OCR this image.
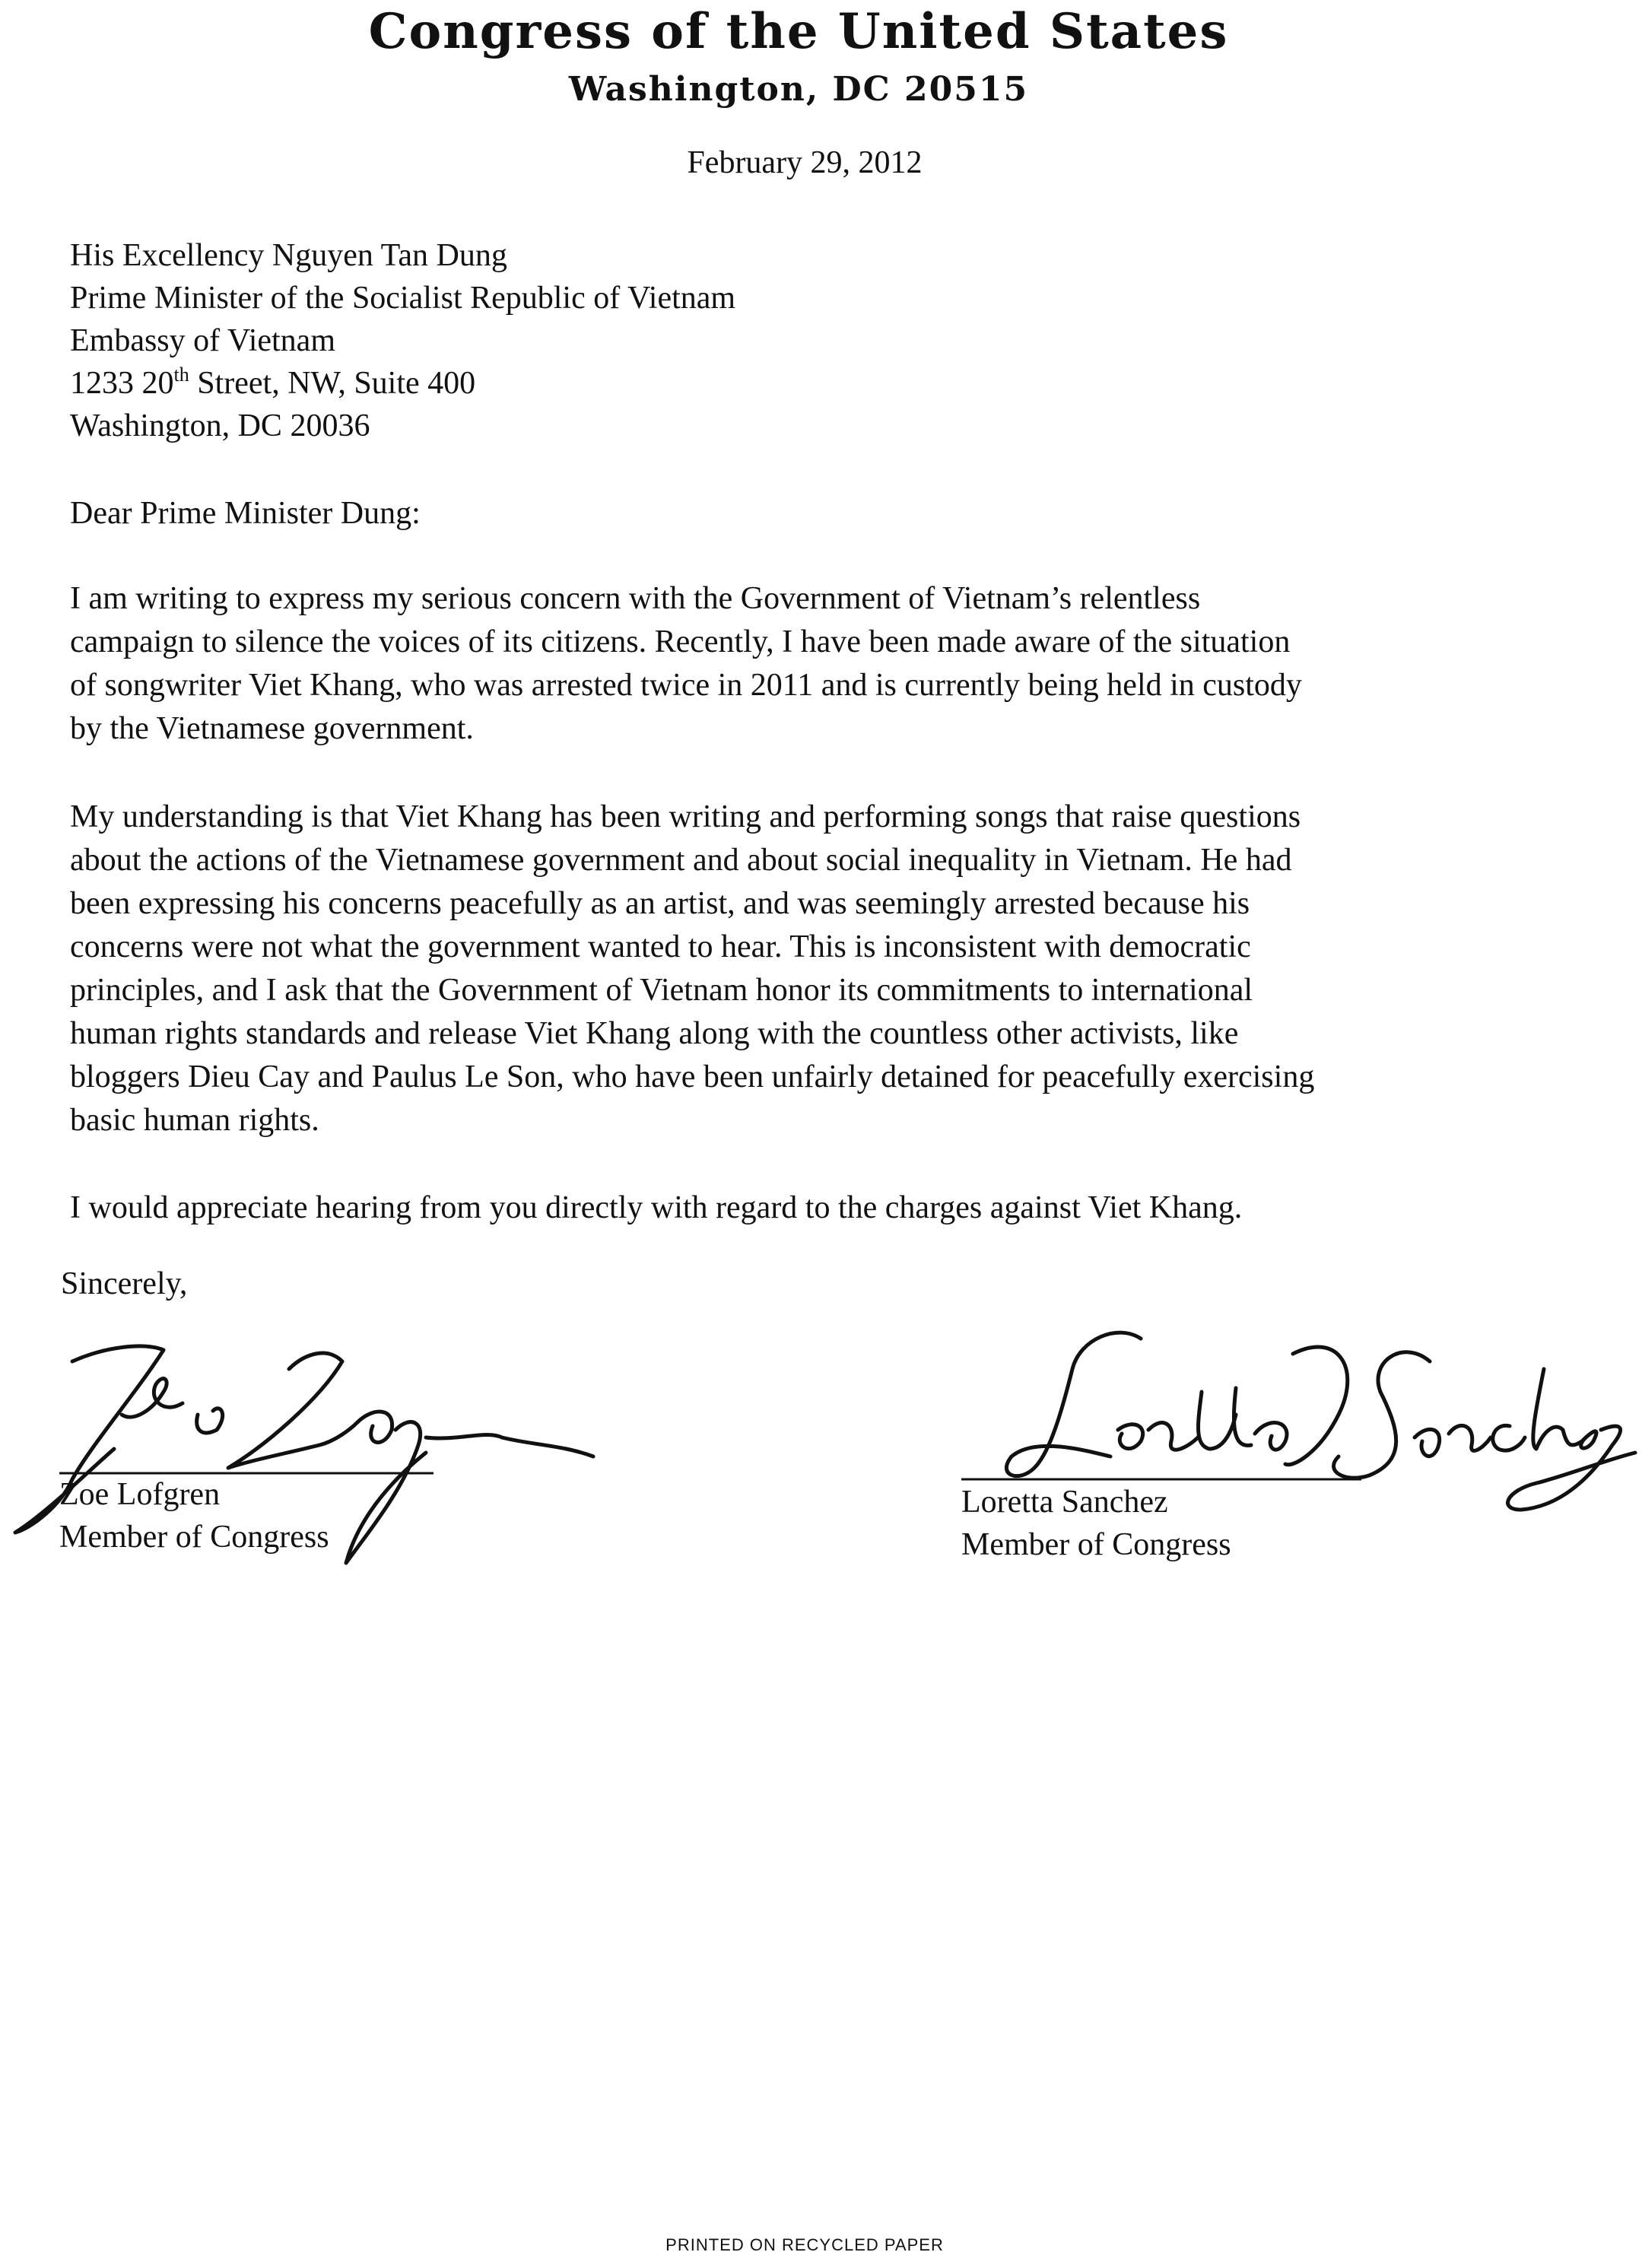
Congress of the United States
Washington, DC 20515
February 29, 2012
His Excellency Nguyen Tan Dung
Prime Minister of the Socialist Republic of Vietnam
Embassy of Vietnam
1233 20th Street, NW, Suite 400
Washington, DC 20036
Dear Prime Minister Dung:
I am writing to express my serious concern with the Government of Vietnam’s relentless
campaign to silence the voices of its citizens. Recently, I have been made aware of the situation
of songwriter Viet Khang, who was arrested twice in 2011 and is currently being held in custody
by the Vietnamese government.
My understanding is that Viet Khang has been writing and performing songs that raise questions
about the actions of the Vietnamese government and about social inequality in Vietnam. He had
been expressing his concerns peacefully as an artist, and was seemingly arrested because his
concerns were not what the government wanted to hear. This is inconsistent with democratic
principles, and I ask that the Government of Vietnam honor its commitments to international
human rights standards and release Viet Khang along with the countless other activists, like
bloggers Dieu Cay and Paulus Le Son, who have been unfairly detained for peacefully exercising
basic human rights.
I would appreciate hearing from you directly with regard to the charges against Viet Khang.
Sincerely,
Zoe Lofgren
Member of Congress
Loretta Sanchez
Member of Congress
PRINTED ON RECYCLED PAPER
